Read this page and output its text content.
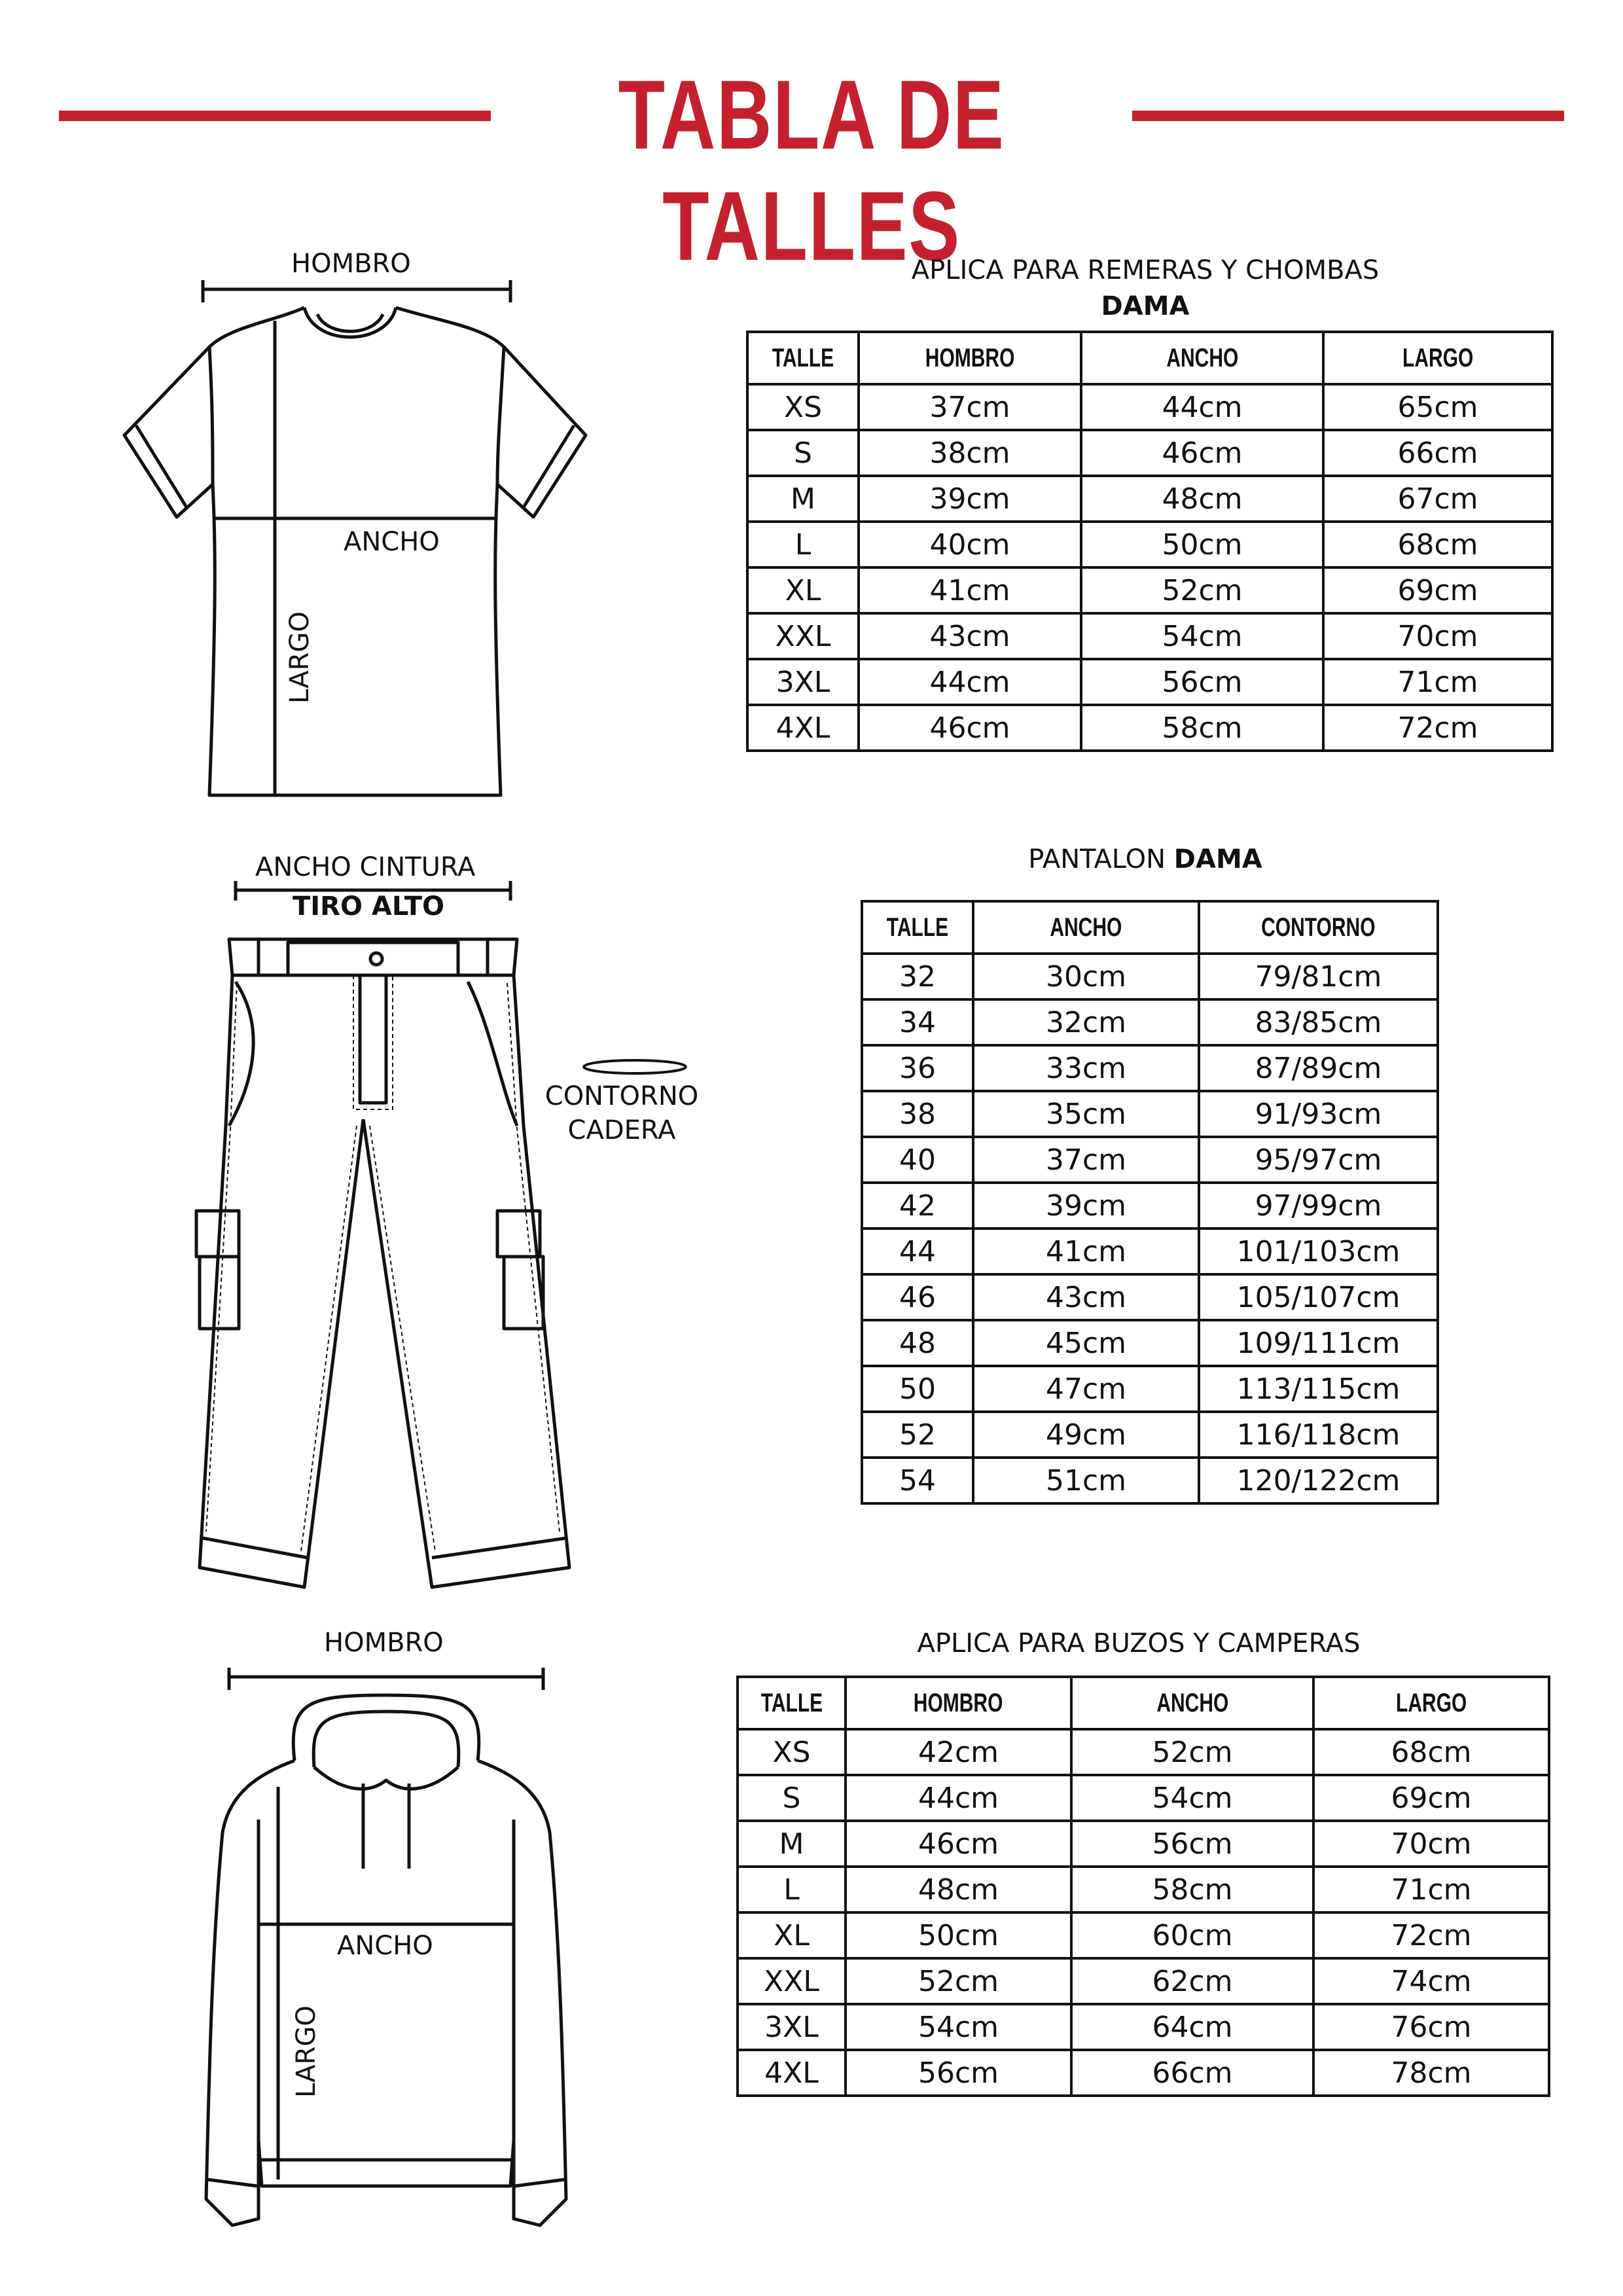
TABLA DE TALLES
HOMBRO
ANCHO
LARGO
APLICA PARA REMERAS Y CHOMBAS
DAMA
TALLE	HOMBRO	ANCHO	LARGO
XS	37cm	44cm	65cm
S	38cm	46cm	66cm
M	39cm	48cm	67cm
L	40cm	50cm	68cm
XL	41cm	52cm	69cm
XXL	43cm	54cm	70cm
3XL	44cm	56cm	71cm
4XL	46cm	58cm	72cm
ANCHO CINTURA
TIRO ALTO
CONTORNO
CADERA
PANTALON DAMA
TALLE	ANCHO	CONTORNO
32	30cm	79/81cm
34	32cm	83/85cm
36	33cm	87/89cm
38	35cm	91/93cm
40	37cm	95/97cm
42	39cm	97/99cm
44	41cm	101/103cm
46	43cm	105/107cm
48	45cm	109/111cm
50	47cm	113/115cm
52	49cm	116/118cm
54	51cm	120/122cm
HOMBRO
ANCHO
LARGO
APLICA PARA BUZOS Y CAMPERAS
TALLE	HOMBRO	ANCHO	LARGO
XS	42cm	52cm	68cm
S	44cm	54cm	69cm
M	46cm	56cm	70cm
L	48cm	58cm	71cm
XL	50cm	60cm	72cm
XXL	52cm	62cm	74cm
3XL	54cm	64cm	76cm
4XL	56cm	66cm	78cm
